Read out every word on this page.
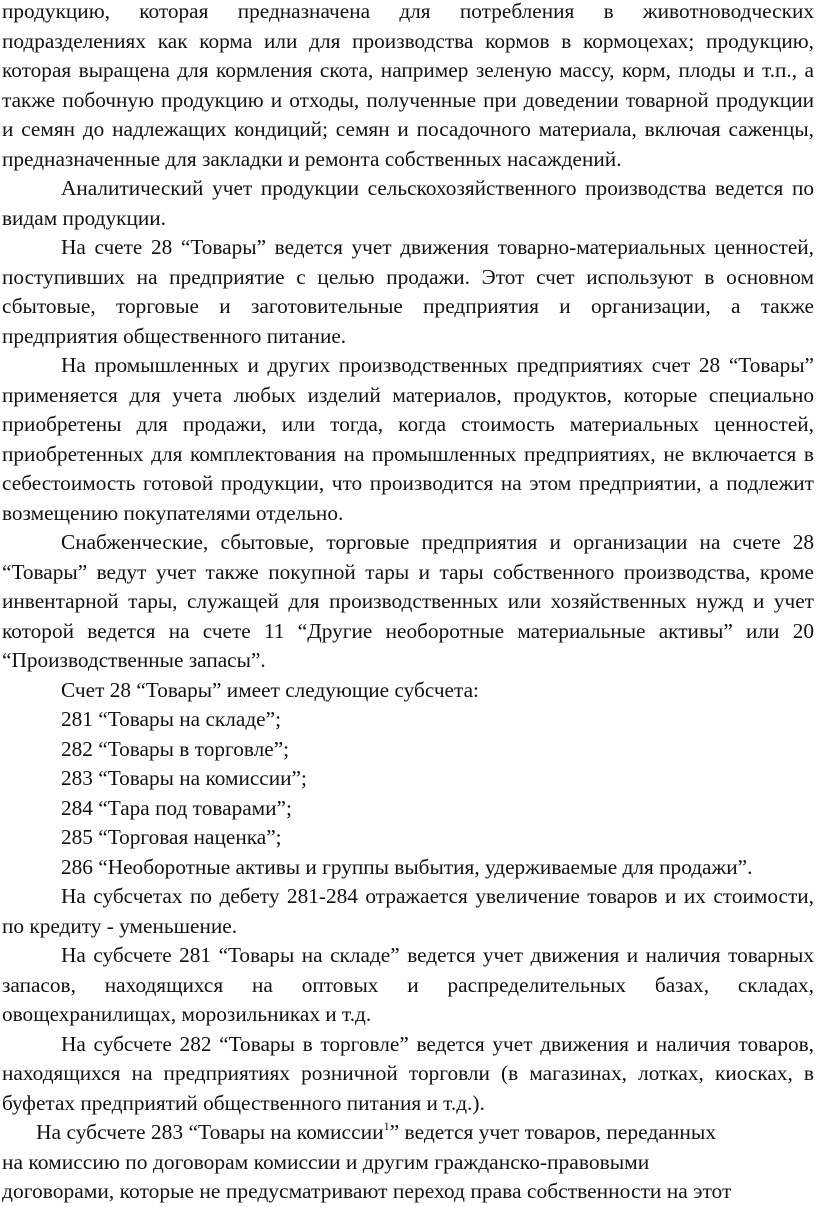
продукцию, которая предназначена для потребления в животноводческих подразделениях как корма или для производства кормов в кормоцехах; продукцию, которая выращена для кормления скота, например зеленую массу, корм, плоды и т.п., а также побочную продукцию и отходы, полученные при доведении товарной продукции и семян до надлежащих кондиций; семян и посадочного материала, включая саженцы, предназначенные для закладки и ремонта собственных насаждений.

Аналитический учет продукции сельскохозяйственного производства ведется по видам продукции.

На счете 28 “Товары” ведется учет движения товарно-материальных ценностей, поступивших на предприятие с целью продажи. Этот счет используют в основном сбытовые, торговые и заготовительные предприятия и организации, а также предприятия общественного питание.

На промышленных и других производственных предприятиях счет 28 “Товары” применяется для учета любых изделий материалов, продуктов, которые специально приобретены для продажи, или тогда, когда стоимость материальных ценностей, приобретенных для комплектования на промышленных предприятиях, не включается в себестоимость готовой продукции, что производится на этом предприятии, а подлежит возмещению покупателями отдельно.

Снабженческие, сбытовые, торговые предприятия и организации на счете 28 “Товары” ведут учет также покупной тары и тары собственного производства, кроме инвентарной тары, служащей для производственных или хозяйственных нужд и учет которой ведется на счете 11 “Другие необоротные материальные активы” или 20 “Производственные запасы”.

Счет 28 “Товары” имеет следующие субсчета:

281 “Товары на складе”;

282 “Товары в торговле”;

283 “Товары на комиссии”;

284 “Тара под товарами”;

285 “Торговая наценка”;

286 “Необоротные активы и группы выбытия, удерживаемые для продажи”.

На субсчетах по дебету 281-284 отражается увеличение товаров и их стоимости, по кредиту - уменьшение.

На субсчете 281 “Товары на складе” ведется учет движения и наличия товарных запасов, находящихся на оптовых и распределительных базах, складах, овощехранилищах, морозильниках и т.д.

На субсчете 282 “Товары в торговле” ведется учет движения и наличия товаров, находящихся на предприятиях розничной торговли (в магазинах, лотках, киосках, в буфетах предприятий общественного питания и т.д.).

На субсчете 283 “Товары на комиссии$^1$” ведется учет товаров, переданных
на комиссию по договорам комиссии и другим гражданско-правовыми
договорами, которые не предусматривают переход права собственности на этот
